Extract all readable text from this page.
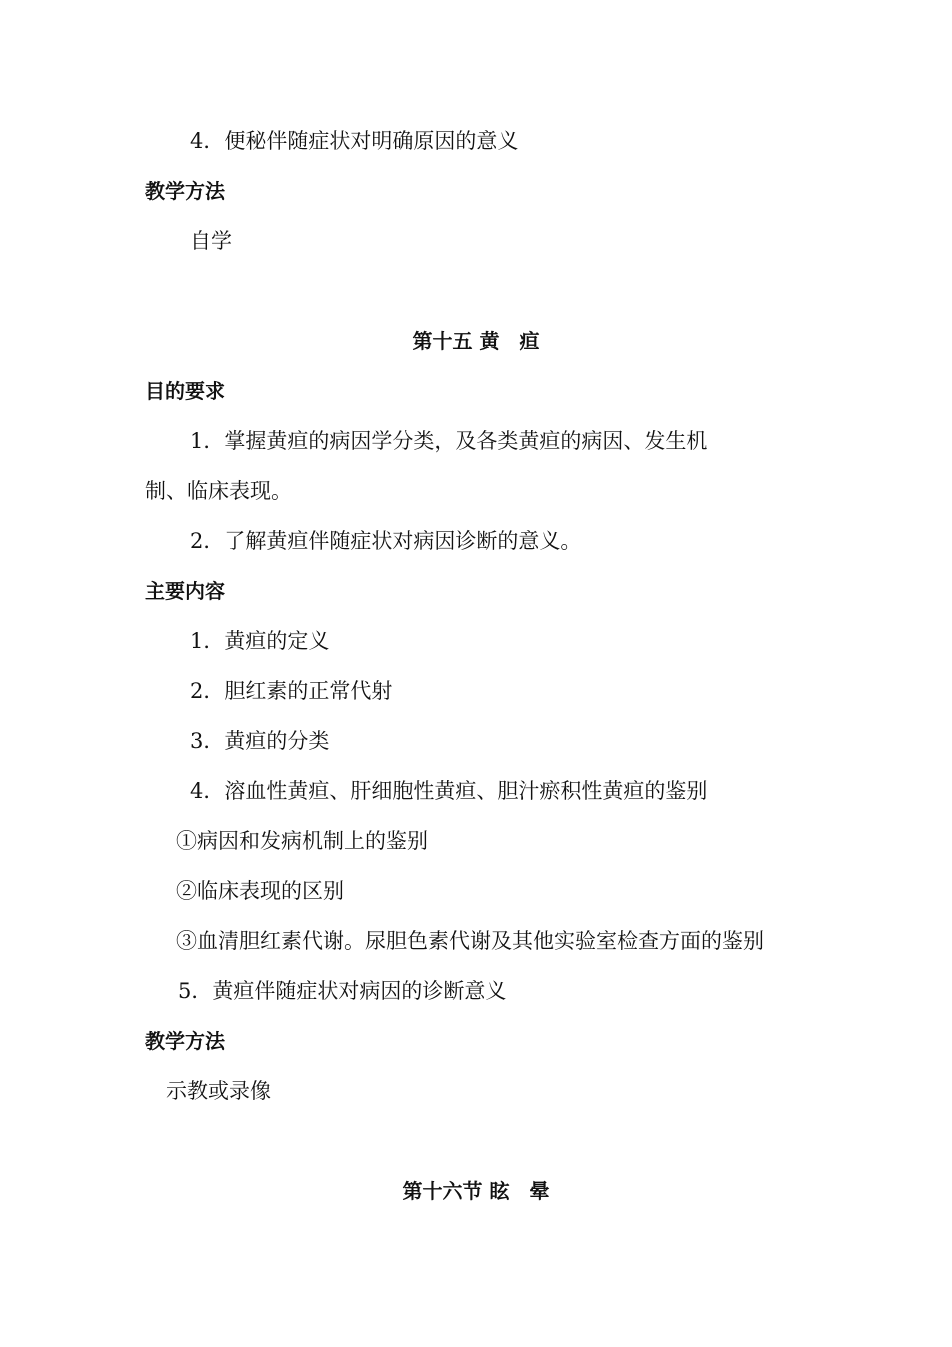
4．便秘伴随症状对明确原因的意义
教学方法
自学
第十五 黄　疸
目的要求
1．掌握黄疸的病因学分类，及各类黄疸的病因、发生机
制、临床表现。
2．了解黄疸伴随症状对病因诊断的意义。
主要内容
1．黄疸的定义
2．胆红素的正常代射
3．黄疸的分类
4．溶血性黄疸、肝细胞性黄疸、胆汁瘀积性黄疸的鉴别
①病因和发病机制上的鉴别
②临床表现的区别
③血清胆红素代谢。尿胆色素代谢及其他实验室检查方面的鉴别
5．黄疸伴随症状对病因的诊断意义
教学方法
示教或录像
第十六节 眩　晕
